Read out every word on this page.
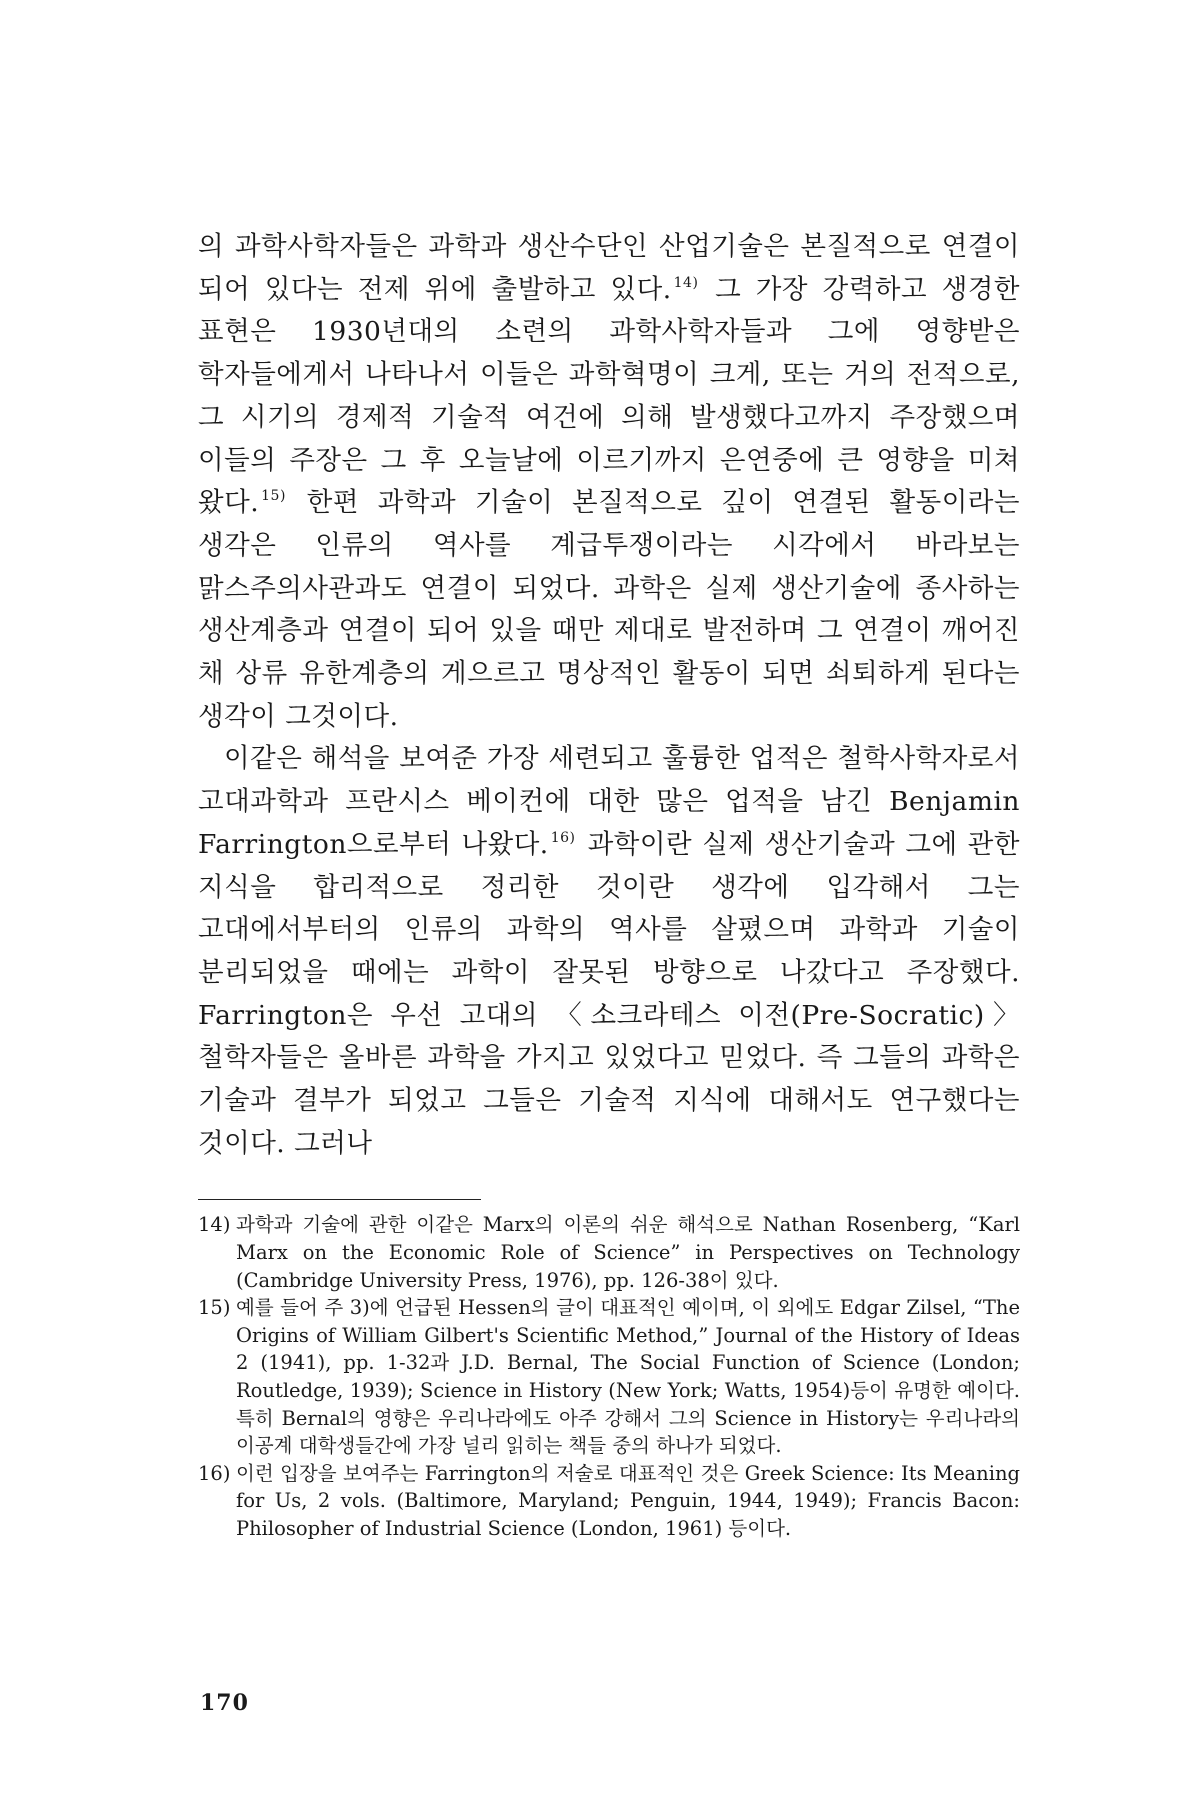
의 과학사학자들은 과학과 생산수단인 산업기술은 본질적으로 연결이 되어 있다는 전제 위에 출발하고 있다. $^{14)}$ 그 가장 강력하고 생경한 표현은 1930년대의 소련의 과학사학자들과 그에 영향받은 학자들에게서 나타나서 이들은 과학혁명이 크게, 또는 거의 전적으로, 그 시기의 경제적 기술적 여건에 의해 발생했다고까지 주장했으며 이들의 주장은 그 후 오늘날에 이르기까지 은연중에 큰 영향을 미쳐 왔다. $^{15)}$ 한편 과학과 기술이 본질적으로 깊이 연결된 활동이라는 생각은 인류의 역사를 계급투쟁이라는 시각에서 바라보는 맑스주의사관과도 연결이 되었다. 과학은 실제 생산기술에 종사하는 생산계층과 연결이 되어 있을 때만 제대로 발전하며 그 연결이 깨어진 채 상류 유한계층의 게으르고 명상적인 활동이 되면 쇠퇴하게 된다는 생각이 그것이다.

이같은 해석을 보여준 가장 세련되고 훌륭한 업적은 철학사학자로서 고대과학과 프란시스 베이컨에 대한 많은 업적을 남긴 Benjamin Farrington으로부터 나왔다. $^{16)}$ 과학이란 실제 생산기술과 그에 관한 지식을 합리적으로 정리한 것이란 생각에 입각해서 그는 고대에서부터의 인류의 과학의 역사를 살폈으며 과학과 기술이 분리되었을 때에는 과학이 잘못된 방향으로 나갔다고 주장했다. Farrington은 우선 고대의 〈소크라테스 이전(Pre-Socratic)〉 철학자들은 올바른 과학을 가지고 있었다고 믿었다. 즉 그들의 과학은 기술과 결부가 되었고 그들은 기술적 지식에 대해서도 연구했다는 것이다. 그러나

14) 과학과 기술에 관한 이같은 Marx의 이론의 쉬운 해석으로 Nathan Rosenberg, “Karl Marx on the Economic Role of Science” in Perspectives on Technology (Cambridge University Press, 1976), pp. 126-38이 있다.
15) 예를 들어 주 3)에 언급된 Hessen의 글이 대표적인 예이며, 이 외에도 Edgar Zilsel, “The Origins of William Gilbert's Scientific Method,” Journal of the History of Ideas 2 (1941), pp. 1-32과 J.D. Bernal, The Social Function of Science (London; Routledge, 1939); Science in History (New York; Watts, 1954)등이 유명한 예이다. 특히 Bernal의 영향은 우리나라에도 아주 강해서 그의 Science in History는 우리나라의 이공계 대학생들간에 가장 널리 읽히는 책들 중의 하나가 되었다.
16) 이런 입장을 보여주는 Farrington의 저술로 대표적인 것은 Greek Science: Its Meaning for Us, 2 vols. (Baltimore, Maryland; Penguin, 1944, 1949); Francis Bacon: Philosopher of Industrial Science (London, 1961) 등이다.
170
